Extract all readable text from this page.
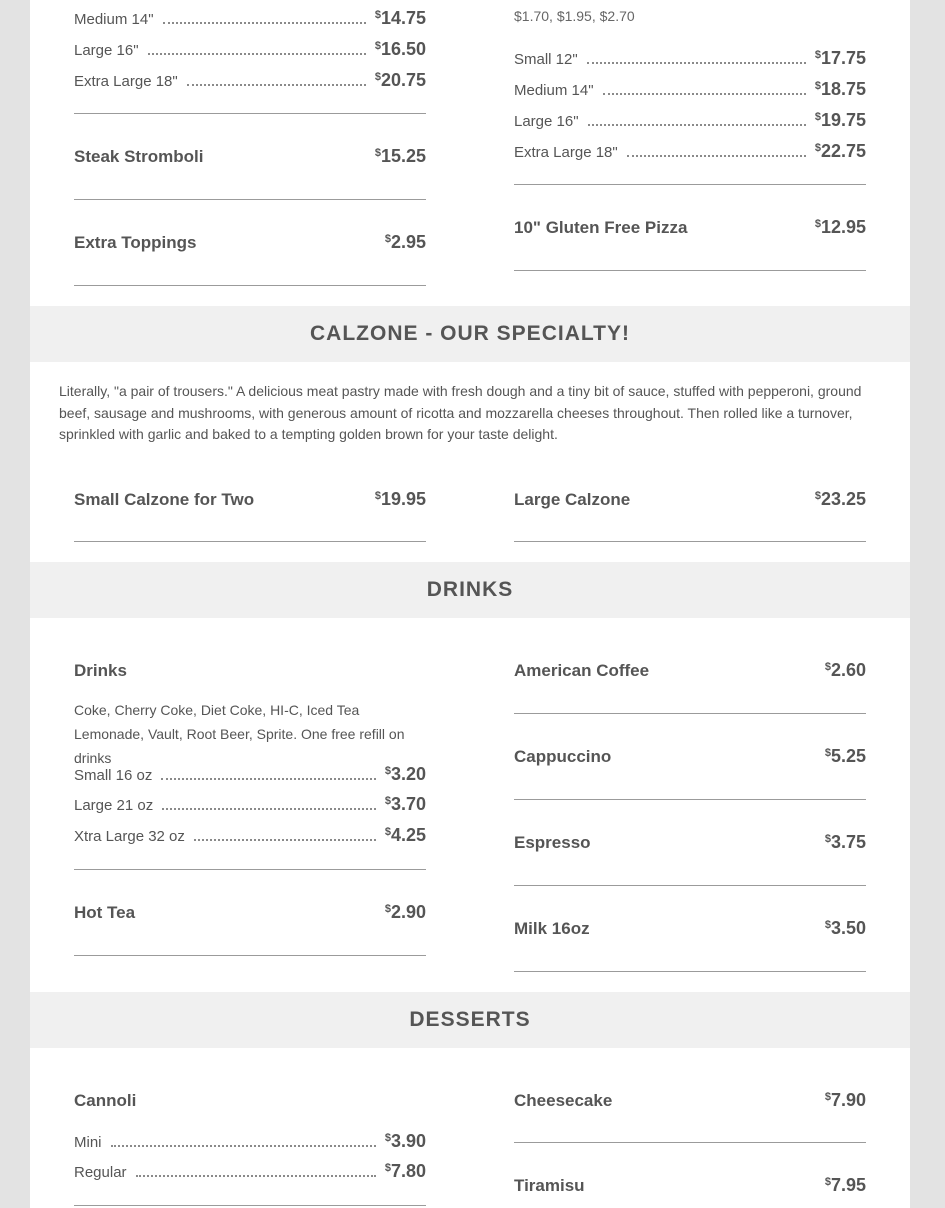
Medium 14"	$14.75
Large 16"	$16.50
Extra Large 18"	$20.75
Steak Stromboli	$15.25
Extra Toppings	$2.95
$1.70, $1.95, $2.70
Small 12"	$17.75
Medium 14"	$18.75
Large 16"	$19.75
Extra Large 18"	$22.75
10" Gluten Free Pizza	$12.95
CALZONE - OUR SPECIALTY!
Literally, "a pair of trousers." A delicious meat pastry made with fresh dough and a tiny bit of sauce, stuffed with pepperoni, ground beef, sausage and mushrooms, with generous amount of ricotta and mozzarella cheeses throughout. Then rolled like a turnover, sprinkled with garlic and baked to a tempting golden brown for your taste delight.
Small Calzone for Two	$19.95	Large Calzone	$23.25
DRINKS
Drinks
Coke, Cherry Coke, Diet Coke, HI-C, Iced Tea Lemonade, Vault, Root Beer, Sprite. One free refill on drinks
Small 16 oz	$3.20
Large 21 oz	$3.70
Xtra Large 32 oz	$4.25
Hot Tea	$2.90
American Coffee	$2.60
Cappuccino	$5.25
Espresso	$3.75
Milk 16oz	$3.50
DESSERTS
Cannoli
Mini	$3.90
Regular	$7.80
Cheesecake	$7.90
Tiramisu	$7.95
